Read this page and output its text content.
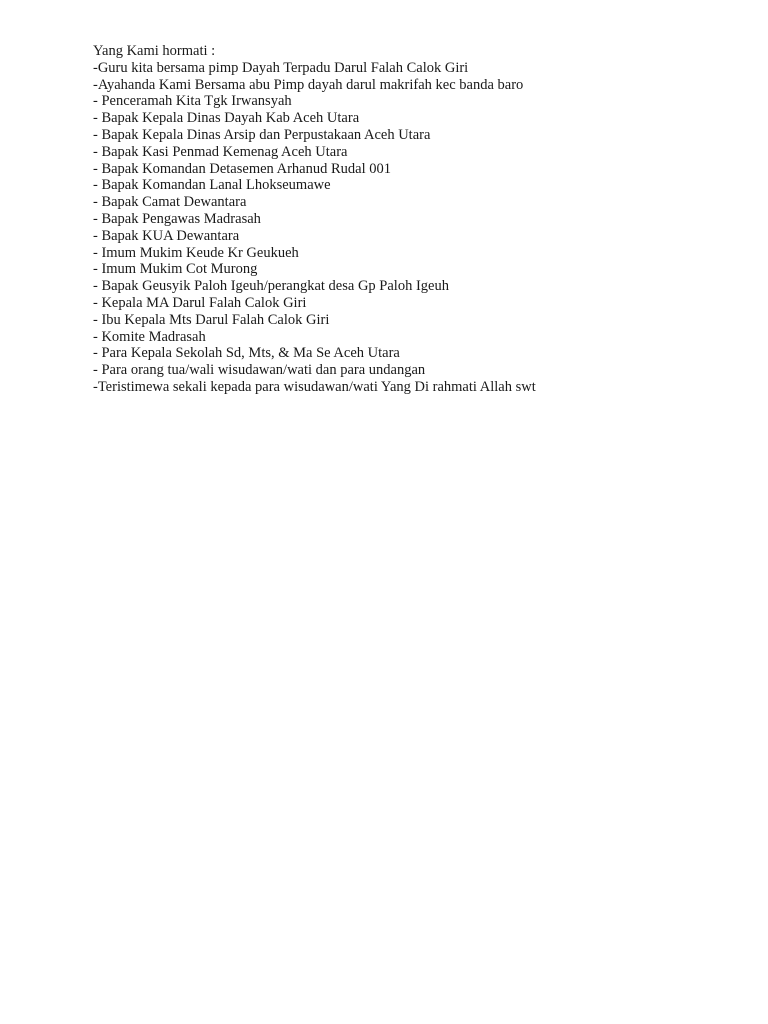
Yang Kami hormati :
-Guru kita bersama pimp Dayah Terpadu Darul Falah Calok Giri
-Ayahanda Kami Bersama abu Pimp dayah darul makrifah kec banda baro
- Penceramah Kita Tgk Irwansyah
- Bapak Kepala Dinas Dayah Kab Aceh Utara
- Bapak Kepala Dinas Arsip dan Perpustakaan Aceh Utara
- Bapak Kasi Penmad Kemenag Aceh Utara
- Bapak Komandan Detasemen Arhanud Rudal 001
- Bapak Komandan Lanal Lhokseumawe
- Bapak Camat Dewantara
- Bapak Pengawas Madrasah
- Bapak KUA Dewantara
- Imum Mukim Keude Kr Geukueh
- Imum Mukim Cot Murong
- Bapak Geusyik Paloh Igeuh/perangkat desa Gp Paloh Igeuh
- Kepala MA Darul Falah Calok Giri
- Ibu Kepala Mts Darul Falah Calok Giri
- Komite Madrasah
- Para Kepala Sekolah Sd, Mts, & Ma Se Aceh Utara
- Para orang tua/wali wisudawan/wati dan para undangan
-Teristimewa sekali kepada para wisudawan/wati Yang Di rahmati Allah swt
